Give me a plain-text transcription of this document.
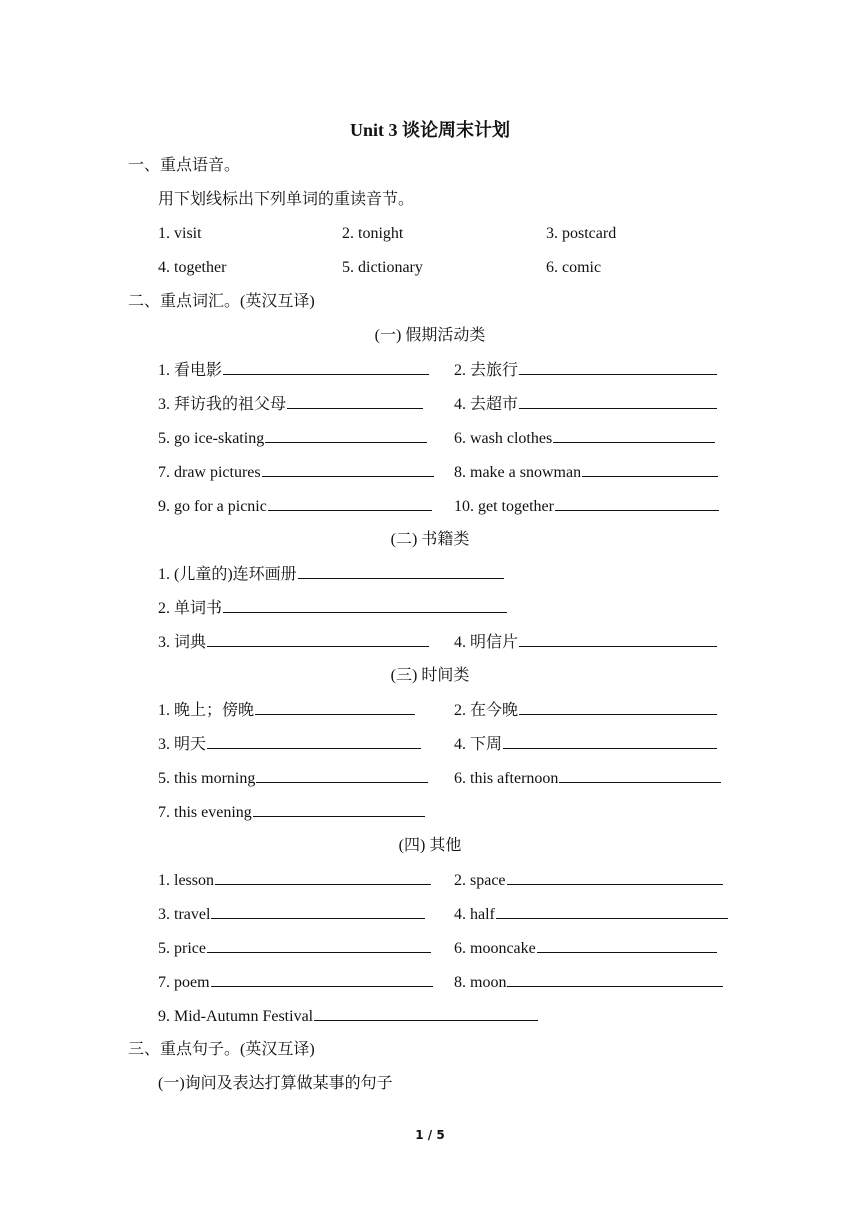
Unit 3 谈论周末计划
一、重点语音。
用下划线标出下列单词的重读音节。
1. visit	2. tonight	3. postcard
4. together	5. dictionary	6. comic
二、重点词汇。(英汉互译)
(一) 假期活动类
1. 看电影	2. 去旅行
3. 拜访我的祖父母	4. 去超市
5. go ice-skating	6. wash clothes
7. draw pictures	8. make a snowman
9. go for a picnic	10. get together
(二) 书籍类
1. (儿童的)连环画册
2. 单词书
3. 词典	4. 明信片
(三) 时间类
1. 晚上；傍晚	2. 在今晚
3. 明天	4. 下周
5. this morning	6. this afternoon
7. this evening
(四) 其他
1. lesson	2. space
3. travel	4. half
5. price	6. mooncake
7. poem	8. moon
9. Mid-Autumn Festival
三、重点句子。(英汉互译)
(一)询问及表达打算做某事的句子
1 / 5
